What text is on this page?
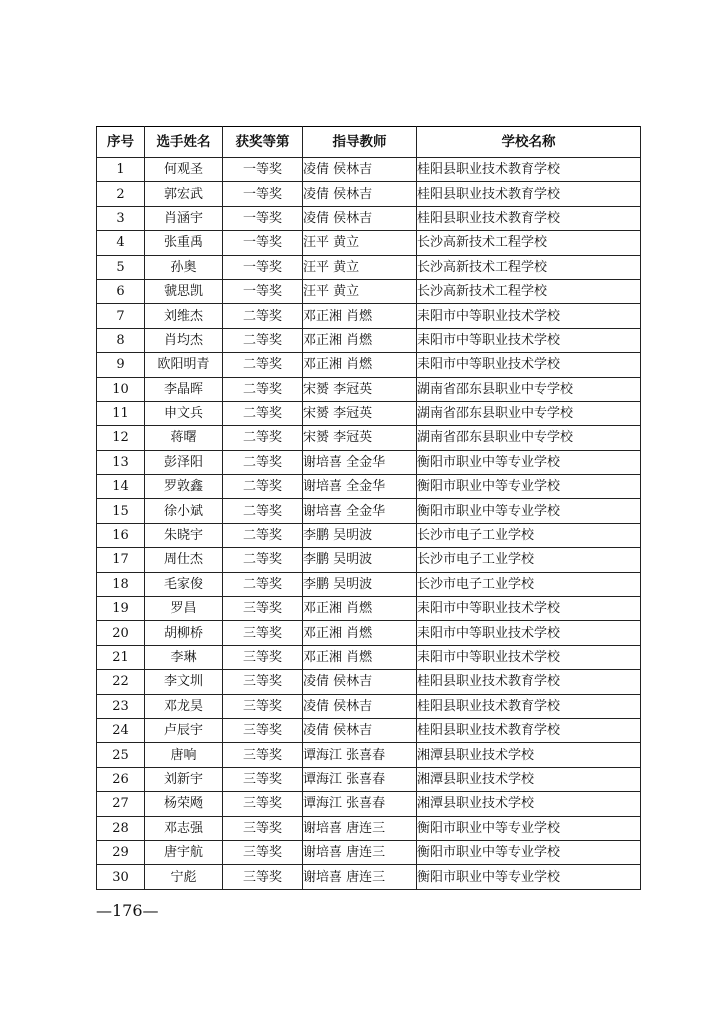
序号	选手姓名	获奖等第	指导教师	学校名称
1	何观圣	一等奖	凌倩 侯林吉	桂阳县职业技术教育学校
2	郭宏武	一等奖	凌倩 侯林吉	桂阳县职业技术教育学校
3	肖涵宇	一等奖	凌倩 侯林吉	桂阳县职业技术教育学校
4	张重禹	一等奖	汪平 黄立	长沙高新技术工程学校
5	孙奥	一等奖	汪平 黄立	长沙高新技术工程学校
6	虢思凯	一等奖	汪平 黄立	长沙高新技术工程学校
7	刘维杰	二等奖	邓正湘 肖燃	耒阳市中等职业技术学校
8	肖均杰	二等奖	邓正湘 肖燃	耒阳市中等职业技术学校
9	欧阳明青	二等奖	邓正湘 肖燃	耒阳市中等职业技术学校
10	李晶晖	二等奖	宋赟 李冠英	湖南省邵东县职业中专学校
11	申文兵	二等奖	宋赟 李冠英	湖南省邵东县职业中专学校
12	蒋曙	二等奖	宋赟 李冠英	湖南省邵东县职业中专学校
13	彭泽阳	二等奖	谢培喜 全金华	衡阳市职业中等专业学校
14	罗敦鑫	二等奖	谢培喜 全金华	衡阳市职业中等专业学校
15	徐小斌	二等奖	谢培喜 全金华	衡阳市职业中等专业学校
16	朱晓宇	二等奖	李鹏 吴明波	长沙市电子工业学校
17	周仕杰	二等奖	李鹏 吴明波	长沙市电子工业学校
18	毛家俊	二等奖	李鹏 吴明波	长沙市电子工业学校
19	罗昌	三等奖	邓正湘 肖燃	耒阳市中等职业技术学校
20	胡柳桥	三等奖	邓正湘 肖燃	耒阳市中等职业技术学校
21	李琳	三等奖	邓正湘 肖燃	耒阳市中等职业技术学校
22	李文圳	三等奖	凌倩 侯林吉	桂阳县职业技术教育学校
23	邓龙昊	三等奖	凌倩 侯林吉	桂阳县职业技术教育学校
24	卢辰宇	三等奖	凌倩 侯林吉	桂阳县职业技术教育学校
25	唐响	三等奖	谭海江 张喜春	湘潭县职业技术学校
26	刘新宇	三等奖	谭海江 张喜春	湘潭县职业技术学校
27	杨荣飏	三等奖	谭海江 张喜春	湘潭县职业技术学校
28	邓志强	三等奖	谢培喜 唐连三	衡阳市职业中等专业学校
29	唐宇航	三等奖	谢培喜 唐连三	衡阳市职业中等专业学校
30	宁彪	三等奖	谢培喜 唐连三	衡阳市职业中等专业学校
—176—
